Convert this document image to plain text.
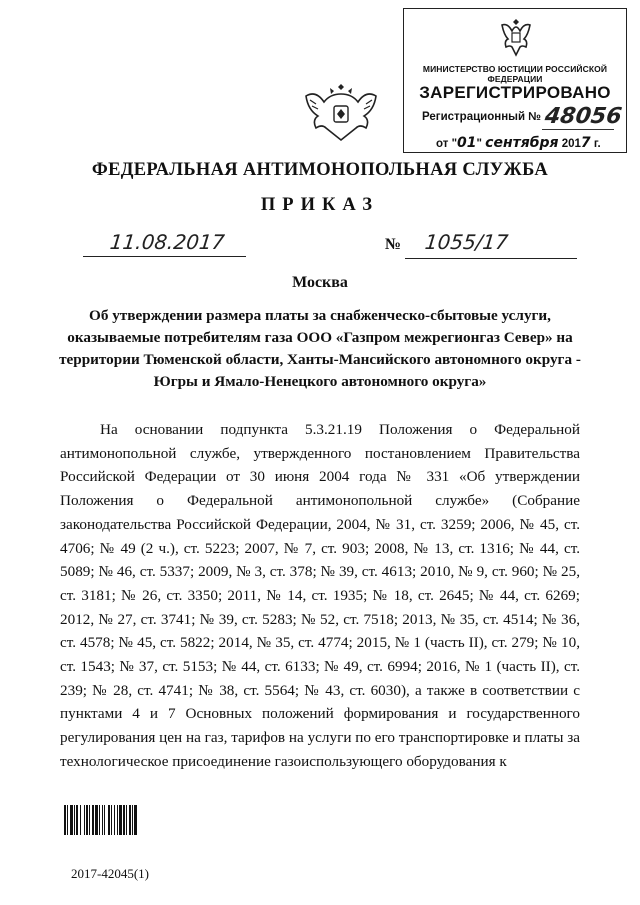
МИНИСТЕРСТВО ЮСТИЦИИ РОССИЙСКОЙ ФЕДЕРАЦИИ
ЗАРЕГИСТРИРОВАНО
Регистрационный № 48056
от "01" сентября 2017 г.
ФЕДЕРАЛЬНАЯ АНТИМОНОПОЛЬНАЯ СЛУЖБА
ПРИКАЗ
11.08.2017	№ 1055/17
Москва
Об утверждении размера платы за снабженческо-сбытовые услуги, оказываемые потребителям газа ООО «Газпром межрегионгаз Север» на территории Тюменской области, Ханты-Мансийского автономного округа - Югры и Ямало-Ненецкого автономного округа»

На основании подпункта 5.3.21.19 Положения о Федеральной антимонопольной службе, утвержденного постановлением Правительства Российской Федерации от 30 июня 2004 года № 331 «Об утверждении Положения о Федеральной антимонопольной службе» (Собрание законодательства Российской Федерации, 2004, № 31, ст. 3259; 2006, № 45, ст. 4706; № 49 (2 ч.), ст. 5223; 2007, № 7, ст. 903; 2008, № 13, ст. 1316; № 44, ст. 5089; № 46, ст. 5337; 2009, № 3, ст. 378; № 39, ст. 4613; 2010, № 9, ст. 960; № 25, ст. 3181; № 26, ст. 3350; 2011, № 14, ст. 1935; № 18, ст. 2645; № 44, ст. 6269; 2012, № 27, ст. 3741; № 39, ст. 5283; № 52, ст. 7518; 2013, № 35, ст. 4514; № 36, ст. 4578; № 45, ст. 5822; 2014, № 35, ст. 4774; 2015, № 1 (часть II), ст. 279; № 10, ст. 1543; № 37, ст. 5153; № 44, ст. 6133; № 49, ст. 6994; 2016, № 1 (часть II), ст. 239; № 28, ст. 4741; № 38, ст. 5564; № 43, ст. 6030), а также в соответствии с пунктами 4 и 7 Основных положений формирования и государственного регулирования цен на газ, тарифов на услуги по его транспортировке и платы за технологическое присоединение газоиспользующего оборудования к

2017-42045(1)
